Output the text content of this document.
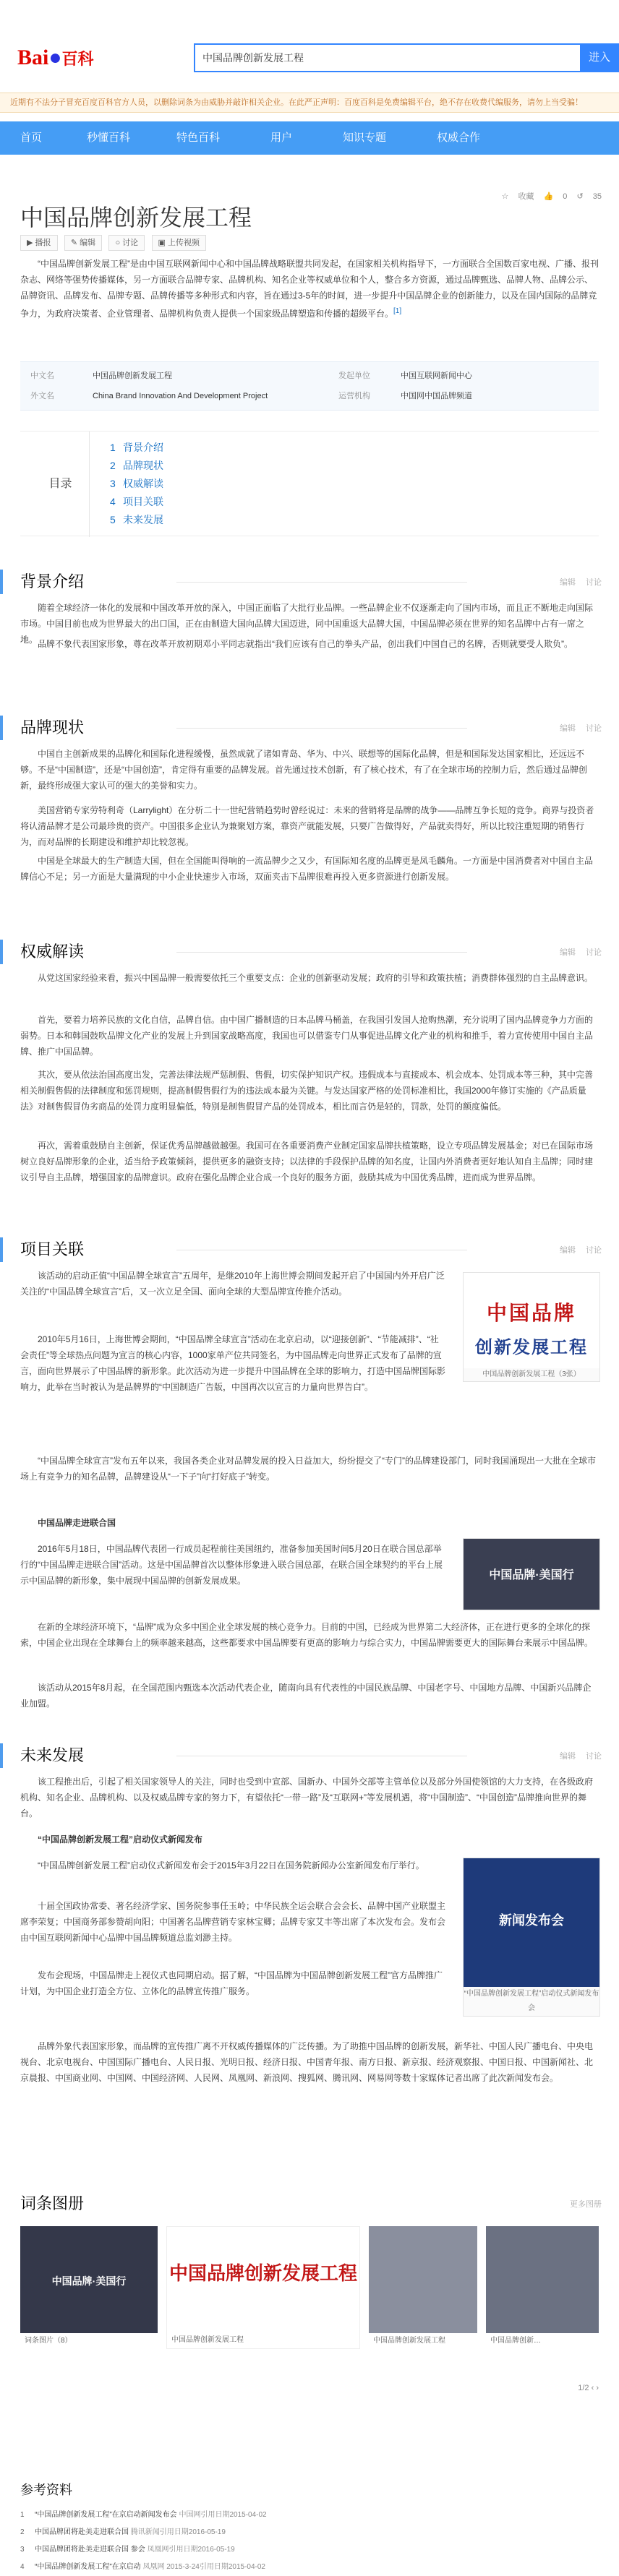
Bai●百科
中国品牌创新发展工程	进入
近期有不法分子冒充百度百科官方人员，以删除词条为由威胁并敲诈相关企业。在此严正声明：百度百科是免费编辑平台，绝不存在收费代编服务，请勿上当受骗！
首页	秒懂百科	特色百科	用户	知识专题	权威合作
中国品牌创新发展工程
☆ 收藏 👍 0 ↺ 35
▶ 播报 ✎ 编辑 ○ 讨论 ▣ 上传视频
“中国品牌创新发展工程”是由中国互联网新闻中心和中国品牌战略联盟共同发起，在国家相关机构指导下，一方面联合全国数百家电视、广播、报刊杂志、网络等强势传播媒体，另一方面联合品牌专家、品牌机构、知名企业等权威单位和个人，整合多方资源，通过品牌甄选、品牌人物、品牌公示、品牌资讯、品牌发布、品牌专题、品牌传播等多种形式和内容，旨在通过3-5年的时间，进一步提升中国品牌企业的创新能力，以及在国内国际的品牌竞争力，为政府决策者、企业管理者、品牌机构负责人提供一个国家级品牌塑造和传播的超级平台。[1]
中文名	中国品牌创新发展工程	发起单位	中国互联网新闻中心
外文名	China Brand Innovation And Development Project	运营机构	中国网中国品牌频道
目录
1 背景介绍
2 品牌现状
3 权威解读
4 项目关联
5 未来发展
背景介绍	编辑 讨论
随着全球经济一体化的发展和中国改革开放的深入，中国正面临了大批行业品牌。一些品牌企业不仅逐渐走向了国内市场，而且正不断地走向国际市场。中国目前也成为世界最大的出口国，正在由制造大国向品牌大国迈进，同中国重返大品牌大国，中国品牌必须在世界的知名品牌中占有一席之地。 品牌不象代表国家形象，尊在改革开放初期邓小平同志就指出“我们应该有自己的拳头产品，创出我们中国自己的名牌，否则就要受人欺负”。
品牌现状	编辑 讨论
中国自主创新成果的品牌化和国际化进程缓慢，虽然成就了诸如青岛、华为、中兴、联想等的国际化品牌，但是和国际发达国家相比，还远远不够。不是“中国制造”，还是“中国创造”，肯定得有重要的品牌发展。首先通过技术创新，有了核心技术，有了在全球市场的控制力后，然后通过品牌创新，最终形成强大家认可的强大的美誉和实力。
美国营销专家劳特利奇（Larrylight）在分析二十一世纪营销趋势时曾经说过：未来的营销将是品牌的战争——品牌互争长短的竞争。商界与投资者将认清品牌才是公司最珍贵的资产。中国很多企业认为兼聚划方案，靠资产就能发展，只要广告做得好，产品就卖得好，所以比较注重短期的销售行为，而对品牌的长期建设和维护却比较忽视。
中国是全球最大的生产制造大国，但在全国能叫得响的一流品牌少之又少，有国际知名度的品牌更是凤毛麟角。一方面是中国消费者对中国自主品牌信心不足；另一方面是大量满现的中小企业快速步入市场，双面夹击下品牌很难再投入更多资源进行创新发展。
权威解读	编辑 讨论
从党这国家经验来看，振兴中国品牌一般需要依托三个重要支点：企业的创新驱动发展；政府的引导和政策扶植；消费群体强烈的自主品牌意识。
首先，要着力培养民族的文化自信，品牌自信。由中国广播制造的日本品牌马桶盖，在我国引发国人抢购热潮，充分说明了国内品牌竞争力方面的弱势。日本和韩国鼓吹品牌文化产业的发展上升到国家战略高度，我国也可以借鉴专门从事促进品牌文化产业的机构和推手，着力宣传使用中国自主品牌、推广中国品牌。
其次，要从依法治国高度出发，完善法律法规严惩制假、售假，切实保护知识产权。违假成本与直接成本、机会成本、处罚成本等三种，其中完善相关制假售假的法律制度和惩罚规则，提高制假售假行为的违法成本最为关键。与发达国家严格的处罚标准相比，我国2000年修订实施的《产品质量法》对制售假冒伪劣商品的处罚力度明显偏低，特别是制售假冒产品的处罚成本，相比而言仍是轻的，罚款，处罚的额度偏低。
再次，需着重鼓励自主创新，保证优秀品牌越做越强。我国可在各重要消费产业制定国家品牌扶植策略，设立专项品牌发展基金；对已在国际市场树立良好品牌形象的企业，适当给予政策倾斜，提供更多的融资支持；以法律的手段保护品牌的知名度，让国内外消费者更好地认知自主品牌；同时建议引导自主品牌，增强国家的品牌意识。政府在强化品牌企业合成一个良好的服务方面，鼓励其成为中国优秀品牌，进而成为世界品牌。
项目关联	编辑 讨论
该活动的启动正值“中国品牌全球宣言”五周年，是继2010年上海世博会期间发起开启了中国国内外开启广泛关注的“中国品牌全球宣言”后，又一次立足全国、面向全球的大型品牌宣传推介活动。
2010年5月16日，上海世博会期间，“中国品牌全球宣言”活动在北京启动，以“迎接创新”、“节能减排”、“社会责任”等全球热点问题为宣言的核心内容，1000家单产位共同签名，为中国品牌走向世界正式发布了品牌的宣言，面向世界展示了中国品牌的新形象。此次活动为进一步提升中国品牌在全球的影响力，打造中国品牌国际影响力，此举在当时被认为是品牌界的“中国制造广告版，中国再次以宣言的力量向世界告白”。
中国品牌
创新发展工程
中国品牌创新发展工程（3张）
“中国品牌全球宣言”发布五年以来，我国各类企业对品牌发展的投入日益加大，纷纷提交了“专门”的品牌建设部门，同时我国涌现出一大批在全球市场上有竞争力的知名品牌，品牌建设从“一下子”向“打好底子”转变。
中国品牌走进联合国
2016年5月18日，中国品牌代表团一行成员起程前往美国纽约，准备参加美国时间5月20日在联合国总部举行的“中国品牌走进联合国”活动。这是中国品牌首次以整体形象进入联合国总部，在联合国全球契约的平台上展示中国品牌的新形象，集中展现中国品牌的创新发展成果。	中国品牌·美国行
在新的全球经济环境下，“品牌”成为众多中国企业全球发展的核心竞争力。目前的中国，已经成为世界第二大经济体，正在进行更多的全球化的探索，中国企业出现在全球舞台上的频率越来越高，这些都要求中国品牌要有更高的影响力与综合实力，中国品牌需要更大的国际舞台来展示中国品牌。
该活动从2015年8月起，在全国范围内甄选本次活动代表企业，随南向具有代表性的中国民族品牌、中国老字号、中国地方品牌、中国新兴品牌企业加盟。
未来发展	编辑 讨论
该工程推出后，引起了相关国家领导人的关注，同时也受到中宣部、国新办、中国外交部等主管单位以及部分外国使领馆的大力支持，在各级政府机构、知名企业、品牌机构、以及权威品牌专家的努力下，有望依托“一带一路”及“互联网+”等发展机遇，将“中国制造”、“中国创造”品牌推向世界的舞台。
“中国品牌创新发展工程”启动仪式新闻发布
“中国品牌创新发展工程”启动仪式新闻发布会于2015年3月22日在国务院新闻办公室新闻发布厅举行。
十届全国政协常委、著名经济学家、国务院参事任玉岭；中华民族全运会联合会会长、品牌中国产业联盟主席李荣复；中国商务部参赞胡向阳；中国著名品牌营销专家林宝卿；品牌专家艾丰等出席了本次发布会。发布会由中国互联网新闻中心品牌中国品牌频道总监刘渺主持。
发布会现场，中国品牌走上视仪式也同期启动。据了解，“中国品牌为中国品牌创新发展工程”官方品牌推广计划，为中国企业打造全方位、立体化的品牌宣传推广服务。
新闻发布会
“中国品牌创新发展工程”启动仪式新闻发布会
品牌外象代表国家形象，而品牌的宣传推广离不开权威传播媒体的广泛传播。为了助推中国品牌的创新发展，新华社、中国人民广播电台、中央电视台、北京电视台、中国国际广播电台、人民日报、光明日报、经济日报、中国青年报、南方日报、新京报、经济观察报、中国日报、中国新闻社、北京晨报、中国商业网、中国网、中国经济网、人民网、凤凰网、新浪网、搜狐网、腾讯网、网易网等数十家媒体记者出席了此次新闻发布会。
词条图册	更多图册
中国品牌·美国行
词条图片（8）
中国品牌创新发展工程
中国品牌创新发展工程	中国品牌创新发展工程	中国品牌创新…
1/2 ‹ ›
参考资料
1 “中国品牌创新发展工程”在京启动新闻发布会 中国网引用日期2015-04-02
2 中国品牌团将赴美走进联合国 腾讯新闻引用日期2016-05-19
3 中国品牌团将赴美走进联合国 参会 凤凰网引用日期2016-05-19
4 “中国品牌创新发展工程”在京启动 凤凰网 2015-3-24引用日期2015-04-02
